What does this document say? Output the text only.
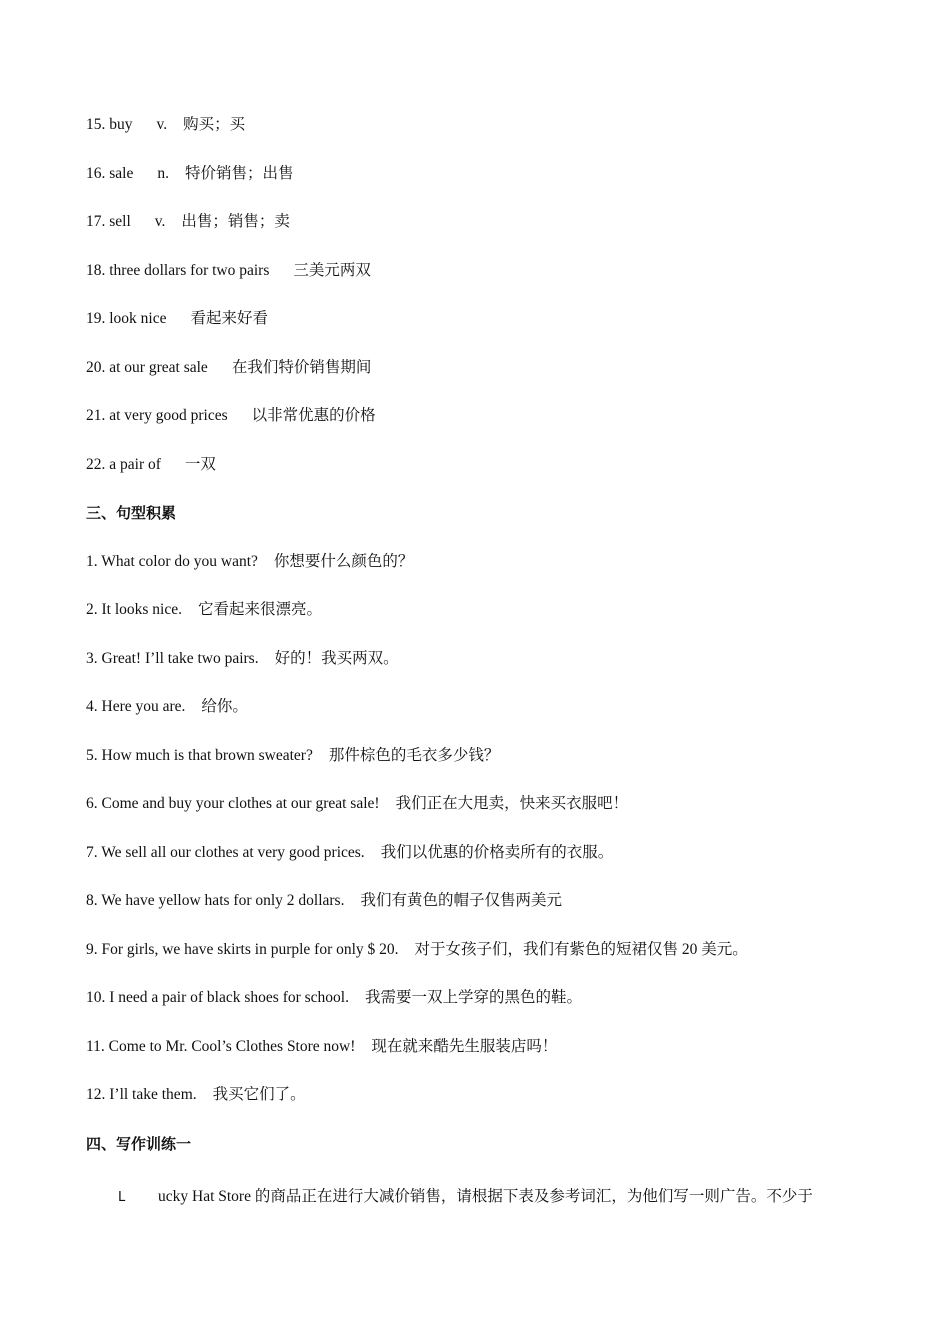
15. buy v. 购买；买
16. sale n. 特价销售；出售
17. sell v. 出售；销售；卖
18. three dollars for two pairs 三美元两双
19. look nice 看起来好看
20. at our great sale 在我们特价销售期间
21. at very good prices 以非常优惠的价格
22. a pair of 一双
三、句型积累
1. What color do you want? 你想要什么颜色的？
2. It looks nice. 它看起来很漂亮。
3. Great! I’ll take two pairs. 好的！我买两双。
4. Here you are. 给你。
5. How much is that brown sweater? 那件棕色的毛衣多少钱？
6. Come and buy your clothes at our great sale! 我们正在大甩卖，快来买衣服吧！
7. We sell all our clothes at very good prices. 我们以优惠的价格卖所有的衣服。
8. We have yellow hats for only 2 dollars. 我们有黄色的帽子仅售两美元
9. For girls, we have skirts in purple for only $ 20. 对于女孩子们，我们有紫色的短裙仅售 20 美元。
10. I need a pair of black shoes for school. 我需要一双上学穿的黑色的鞋。
11. Come to Mr. Cool’s Clothes Store now! 现在就来酷先生服装店吗！
12. I’ll take them. 我买它们了。
四、写作训练一
L ucky Hat Store 的商品正在进行大减价销售，请根据下表及参考词汇，为他们写一则广告。不少于
